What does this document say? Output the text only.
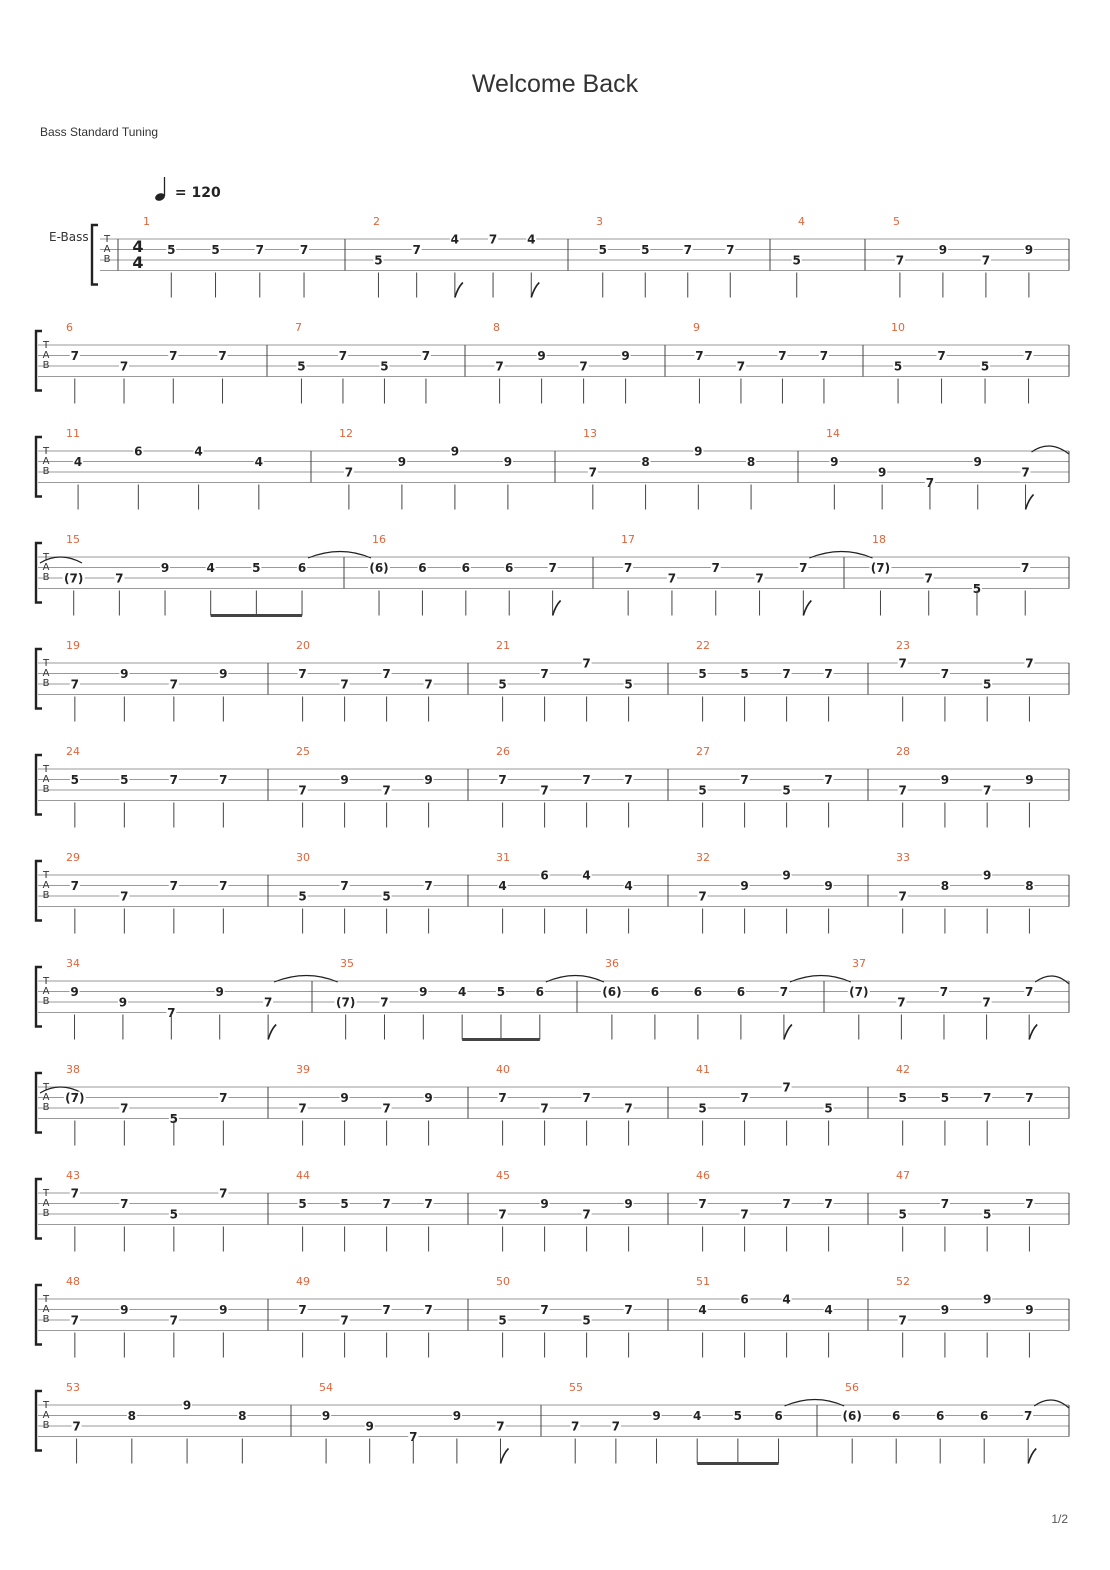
Welcome Back
Bass Standard Tuning
= 120
T
A
B
E-Bass	4
4
1
5	5	7	7
2
5
7
4 7 4
3
5	5	7	7
4
5
5
7
9
7
9
T
A
B
6
7
7
7	7
7
5
7
5
7
8
7
9
7
9
9
7
7
7	7
10
5
7
5
7
T
A
B
11
4
6	4
4
12
7
9
9
9
13
7
8
9
8
14
9
9
7
9
7
T
A
B
15
(7)	7
9	4	5	6
16
(6) 6	6	6	7
17
7
7
7
7
7
18
(7)
7
5
7
T
A
B
19
7
9
7
9
20
7
7
7
7
21
5
7
7
5
22
5	5	7	7
23
7
7
5
7
T
A
B
24
5	5	7	7
25
7
9
7
9
26
7
7
7	7
27
5
7
5
7
28
7
9
7
9
T
A
B
29
7
7
7	7
30
5
7
5
7
31
4
6	4
4
32
7
9
9
9
33
7
8
9
8
T
A
B
34
9
9
7
9
7
35
(7) 7
9	4	5	6
36
(6) 6	6	6	7
37
(7)
7
7
7
7
T
A
B
38
(7)
7
5
7
39
7
9
7
9
40
7
7
7
7
41
5
7
7
5
42
5	5	7	7
T
A
B
43
7
7
5
7
44
5	5	7	7
45
7
9
7
9
46
7
7
7	7
47
5
7
5
7
T
A
B
48
7
9
7
9
49
7
7
7	7
50
5
7
5
7
51
4
6	4
4
52
7
9
9
9
T
A
B
53
7
8
9
8
54
9
9
7
9
7
55
7	7
9	4	5	6
56
(6)	6	6	6	7
1/2
